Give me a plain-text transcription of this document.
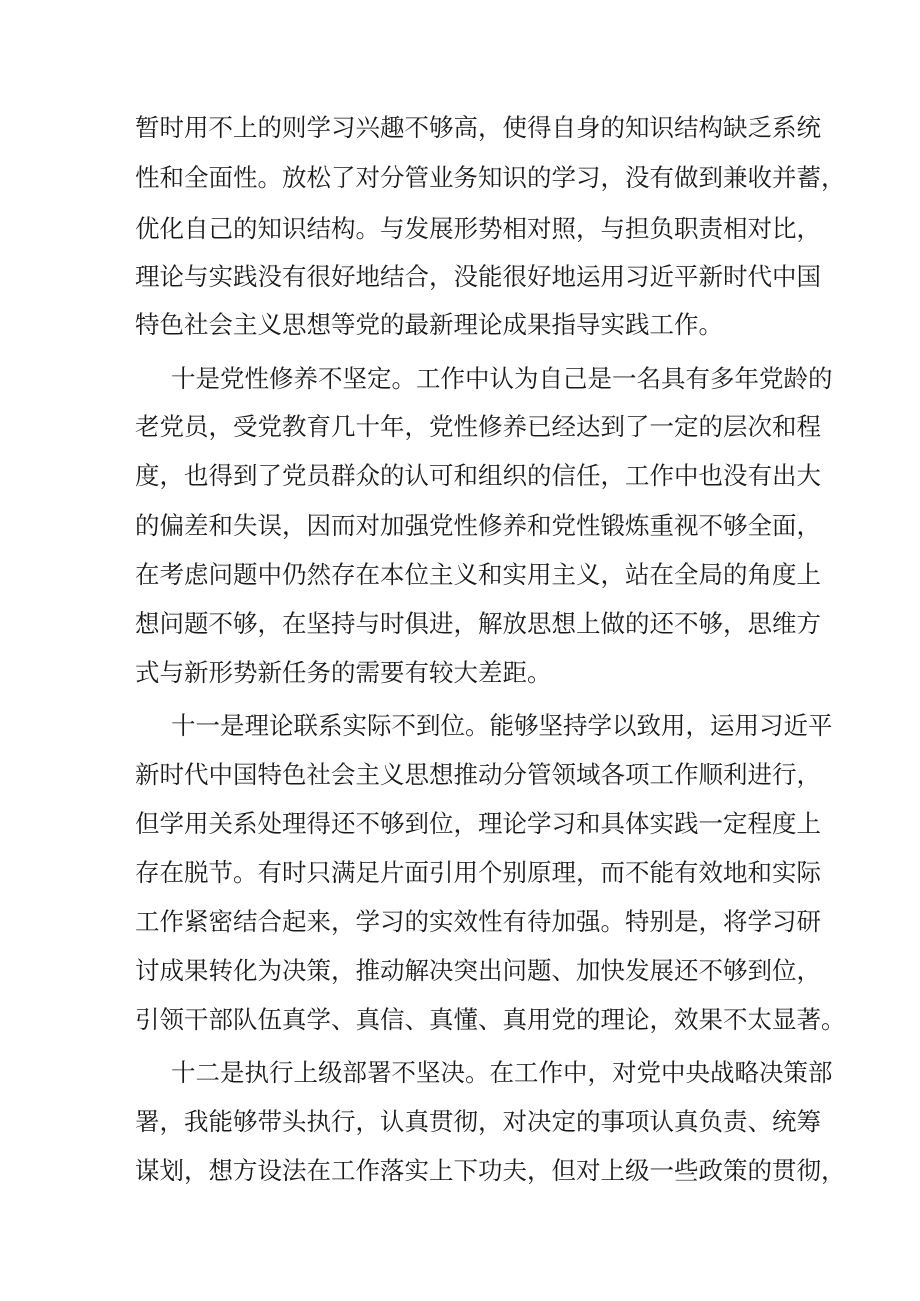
暂时用不上的则学习兴趣不够高，使得自身的知识结构缺乏系统

性和全面性。放松了对分管业务知识的学习，没有做到兼收并蓄，

优化自己的知识结构。与发展形势相对照，与担负职责相对比，

理论与实践没有很好地结合，没能很好地运用习近平新时代中国

特色社会主义思想等党的最新理论成果指导实践工作。

十是党性修养不坚定。工作中认为自己是一名具有多年党龄的

老党员，受党教育几十年，党性修养已经达到了一定的层次和程

度，也得到了党员群众的认可和组织的信任，工作中也没有出大

的偏差和失误，因而对加强党性修养和党性锻炼重视不够全面，

在考虑问题中仍然存在本位主义和实用主义，站在全局的角度上

想问题不够，在坚持与时俱进，解放思想上做的还不够，思维方

式与新形势新任务的需要有较大差距。

十一是理论联系实际不到位。能够坚持学以致用，运用习近平

新时代中国特色社会主义思想推动分管领域各项工作顺利进行，

但学用关系处理得还不够到位，理论学习和具体实践一定程度上

存在脱节。有时只满足片面引用个别原理，而不能有效地和实际

工作紧密结合起来，学习的实效性有待加强。特别是，将学习研

讨成果转化为决策，推动解决突出问题、加快发展还不够到位，

引领干部队伍真学、真信、真懂、真用党的理论，效果不太显著。

十二是执行上级部署不坚决。在工作中，对党中央战略决策部

署，我能够带头执行，认真贯彻，对决定的事项认真负责、统筹

谋划，想方设法在工作落实上下功夫，但对上级一些政策的贯彻，
